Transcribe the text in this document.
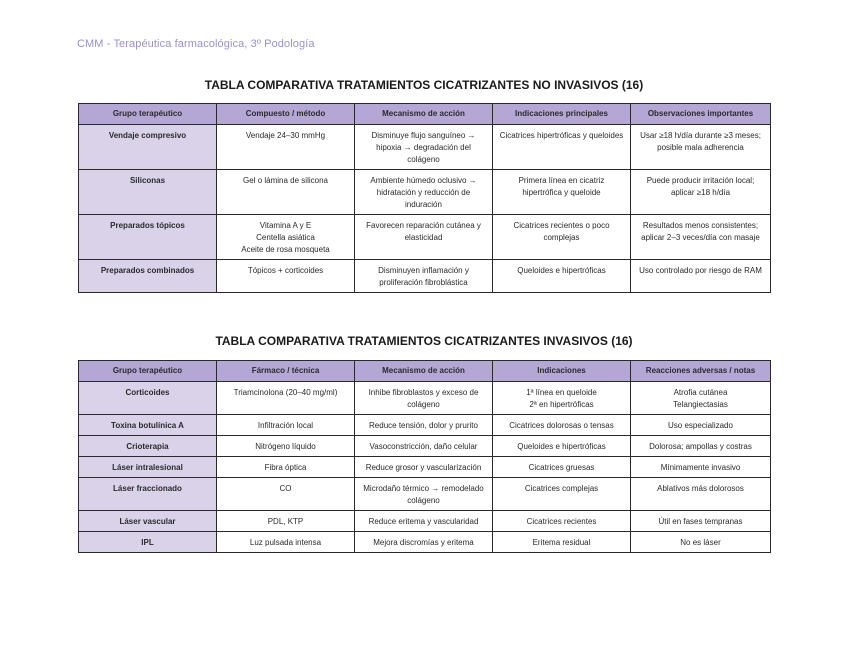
CMM - Terapéutica farmacológica, 3º Podología
TABLA COMPARATIVA TRATAMIENTOS CICATRIZANTES NO INVASIVOS (16)
Grupo terapéutico	Compuesto / método	Mecanismo de acción	Indicaciones principales	Observaciones importantes
Vendaje compresivo	Vendaje 24–30 mmHg	Disminuye flujo sanguíneo → hipoxia → degradación del colágeno	Cicatrices hipertróficas y queloides	Usar ≥18 h/día durante ≥3 meses; posible mala adherencia
Siliconas	Gel o lámina de silicona	Ambiente húmedo oclusivo → hidratación y reducción de induración	Primera línea en cicatriz hipertrófica y queloide	Puede producir irritación local; aplicar ≥18 h/día
Preparados tópicos	Vitamina A y E
Centella asiática
Aceite de rosa mosqueta	Favorecen reparación cutánea y elasticidad	Cicatrices recientes o poco complejas	Resultados menos consistentes; aplicar 2–3 veces/día con masaje
Preparados combinados	Tópicos + corticoides	Disminuyen inflamación y proliferación fibroblástica	Queloides e hipertróficas	Uso controlado por riesgo de RAM
TABLA COMPARATIVA TRATAMIENTOS CICATRIZANTES INVASIVOS (16)
Grupo terapéutico	Fármaco / técnica	Mecanismo de acción	Indicaciones	Reacciones adversas / notas
Corticoides	Triamcinolona (20–40 mg/ml)	Inhibe fibroblastos y exceso de colágeno	1ª línea en queloide
2ª en hipertróficas	Atrofia cutánea
Telangiectasias
Toxina botulínica A	Infiltración local	Reduce tensión, dolor y prurito	Cicatrices dolorosas o tensas	Uso especializado
Crioterapia	Nitrógeno líquido	Vasoconstricción, daño celular	Queloides e hipertróficas	Dolorosa; ampollas y costras
Láser intralesional	Fibra óptica	Reduce grosor y vascularización	Cicatrices gruesas	Mínimamente invasivo
Láser fraccionado	CO	Microdaño térmico → remodelado colágeno	Cicatrices complejas	Ablativos más dolorosos
Láser vascular	PDL, KTP	Reduce eritema y vascularidad	Cicatrices recientes	Útil en fases tempranas
IPL	Luz pulsada intensa	Mejora discromías y eritema	Eritema residual	No es láser
